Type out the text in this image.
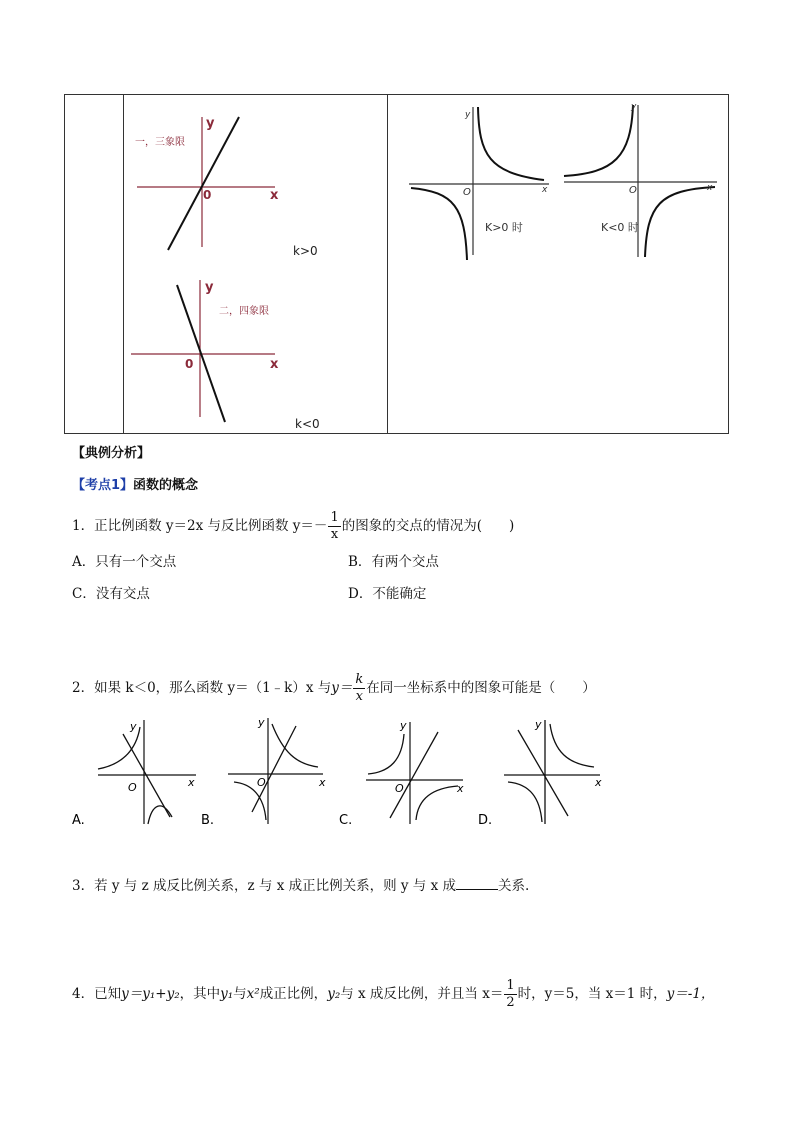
一，三象限
y
x
0
k>0
二，四象限
y
x
0
k<0
y
x
O
K>0 时
y
x
O
K<0 时
【典例分析】
【考点1】函数的概念
1．正比例函数 y＝2x 与反比例函数 $y=- \frac{1}{x}$ 的图象的交点的情况为(　　)
A．只有一个交点	B．有两个交点
C．没有交点	D．不能确定
2．如果 k＜0，那么函数 y＝（1﹣k）x 与$y= \frac{k}{x}$ 在同一坐标系中的图象可能是（　　）
y
x
O
A.
y
x
O
B.
y
x
O
C.
y
x
D.
3．若 y 与 z 成反比例关系，z 与 x 成正比例关系，则 y 与 x 成	关系.
4．已知y＝y₁+y₂，其中y₁与x²成正比例，y₂与 x 成反比例，并且当 $x= \frac{1}{2}$ 时，y＝5，当 x＝1 时，y＝-1，
